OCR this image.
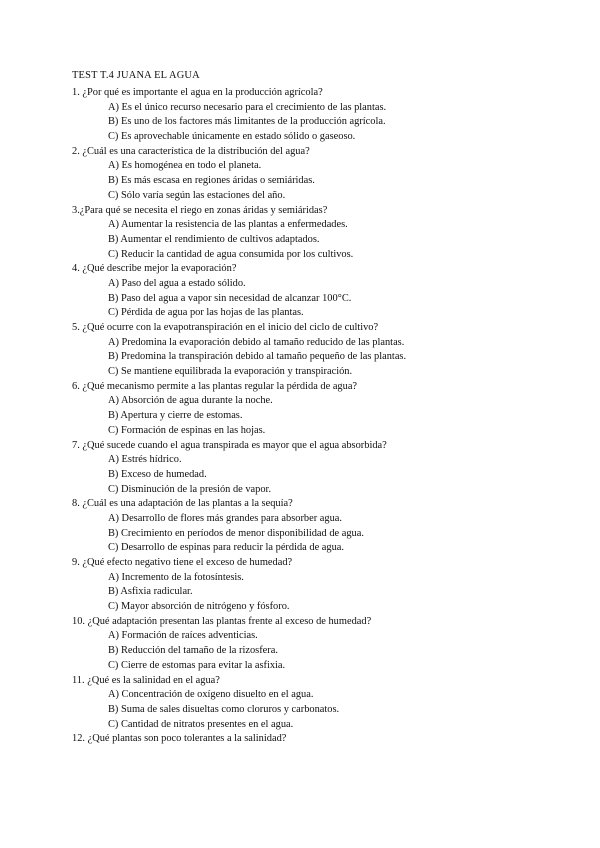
TEST T.4 JUANA EL AGUA
1. ¿Por qué es importante el agua en la producción agrícola?
A) Es el único recurso necesario para el crecimiento de las plantas.
B) Es uno de los factores más limitantes de la producción agrícola.
C) Es aprovechable únicamente en estado sólido o gaseoso.
2. ¿Cuál es una característica de la distribución del agua?
A) Es homogénea en todo el planeta.
B) Es más escasa en regiones áridas o semiáridas.
C) Sólo varía según las estaciones del año.
3.¿Para qué se necesita el riego en zonas áridas y semiáridas?
A) Aumentar la resistencia de las plantas a enfermedades.
B) Aumentar el rendimiento de cultivos adaptados.
C) Reducir la cantidad de agua consumida por los cultivos.
4. ¿Qué describe mejor la evaporación?
A) Paso del agua a estado sólido.
B) Paso del agua a vapor sin necesidad de alcanzar 100°C.
C) Pérdida de agua por las hojas de las plantas.
5. ¿Qué ocurre con la evapotranspiración en el inicio del ciclo de cultivo?
A) Predomina la evaporación debido al tamaño reducido de las plantas.
B) Predomina la transpiración debido al tamaño pequeño de las plantas.
C) Se mantiene equilibrada la evaporación y transpiración.
6. ¿Qué mecanismo permite a las plantas regular la pérdida de agua?
A) Absorción de agua durante la noche.
B) Apertura y cierre de estomas.
C) Formación de espinas en las hojas.
7. ¿Qué sucede cuando el agua transpirada es mayor que el agua absorbida?
A) Estrés hídrico.
B) Exceso de humedad.
C) Disminución de la presión de vapor.
8. ¿Cuál es una adaptación de las plantas a la sequía?
A) Desarrollo de flores más grandes para absorber agua.
B) Crecimiento en períodos de menor disponibilidad de agua.
C) Desarrollo de espinas para reducir la pérdida de agua.
9. ¿Qué efecto negativo tiene el exceso de humedad?
A) Incremento de la fotosíntesis.
B) Asfixia radicular.
C) Mayor absorción de nitrógeno y fósforo.
10. ¿Qué adaptación presentan las plantas frente al exceso de humedad?
A) Formación de raíces adventicias.
B) Reducción del tamaño de la rizosfera.
C) Cierre de estomas para evitar la asfixia.
11. ¿Qué es la salinidad en el agua?
A) Concentración de oxígeno disuelto en el agua.
B) Suma de sales disueltas como cloruros y carbonatos.
C) Cantidad de nitratos presentes en el agua.
12. ¿Qué plantas son poco tolerantes a la salinidad?
